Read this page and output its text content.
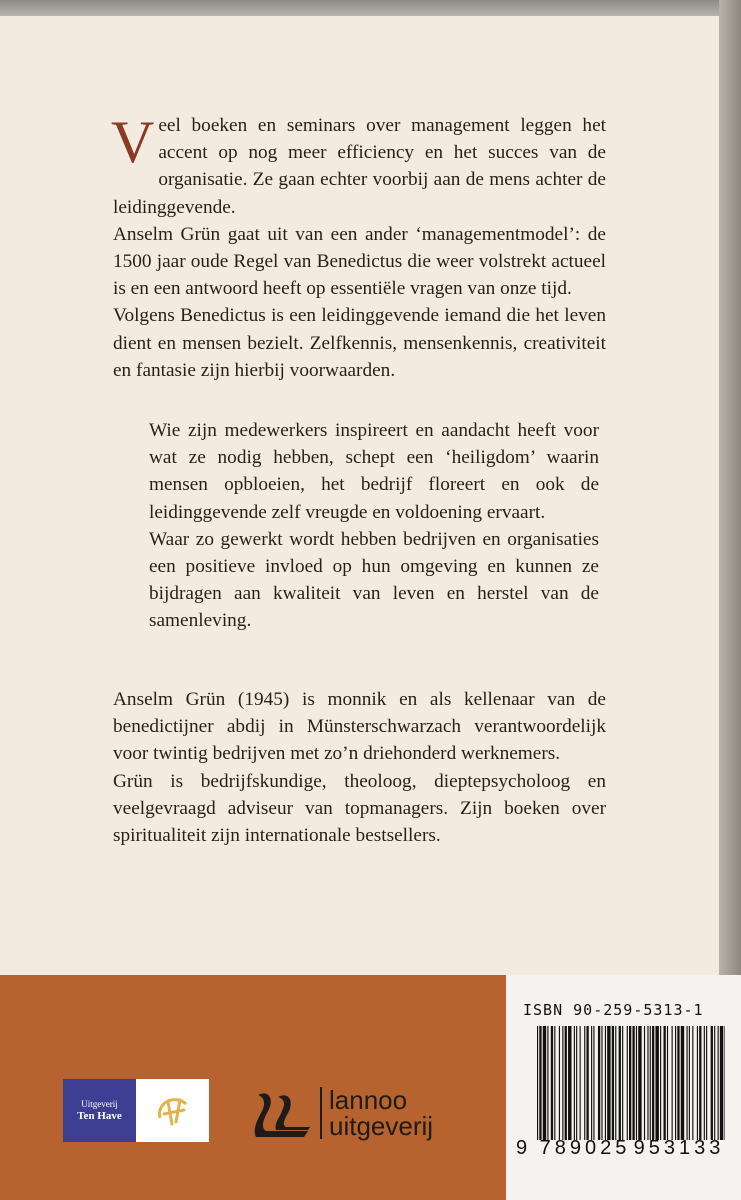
Veel boeken en seminars over management leggen het accent op nog meer efficiency en het succes van de organisatie. Ze gaan echter voorbij aan de mens achter de leidinggevende.

Anselm Grün gaat uit van een ander ‘managementmodel’: de 1500 jaar oude Regel van Benedictus die weer volstrekt actueel is en een antwoord heeft op essentiële vragen van onze tijd.

Volgens Benedictus is een leidinggevende iemand die het leven dient en mensen bezielt. Zelfkennis, mensenkennis, creativiteit en fantasie zijn hierbij voorwaarden.

Wie zijn medewerkers inspireert en aandacht heeft voor wat ze nodig hebben, schept een ‘heiligdom’ waarin mensen opbloeien, het bedrijf floreert en ook de leidinggevende zelf vreugde en voldoening ervaart.

Waar zo gewerkt wordt hebben bedrijven en organisaties een positieve invloed op hun omgeving en kunnen ze bijdragen aan kwaliteit van leven en herstel van de samenleving.

Anselm Grün (1945) is monnik en als kellenaar van de benedictijner abdij in Münsterschwarzach verantwoordelijk voor twintig bedrijven met zo’n driehonderd werknemers.

Grün is bedrijfskundige, theoloog, dieptepsycholoog en veelgevraagd adviseur van topmanagers. Zijn boeken over spiritualiteit zijn internationale bestsellers.

Uitgeverij
Ten Have
lannoo
uitgeverij
ISBN 90-259-5313-1
9 789025 953133
